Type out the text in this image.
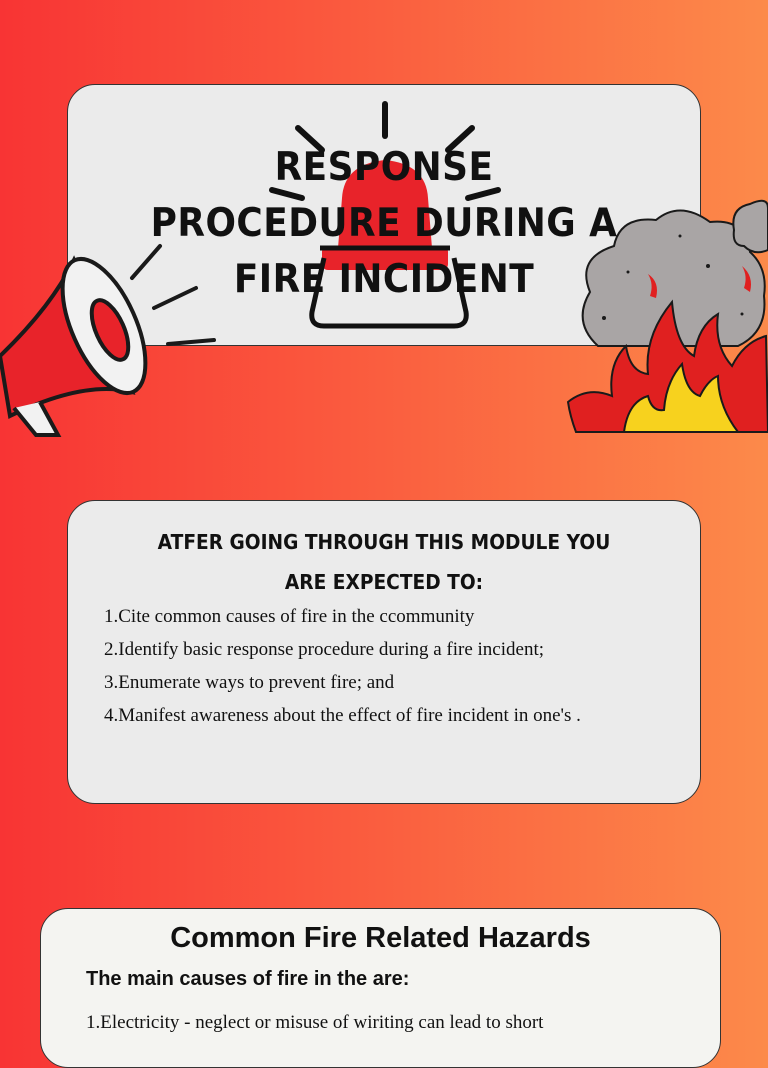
RESPONSE
PROCEDURE DURING A
FIRE INCIDENT
ATFER GOING THROUGH THIS MODULE YOU
ARE EXPECTED TO:
1.Cite common causes of fire in the ccommunity
2.Identify basic response procedure during a fire incident;
3.Enumerate ways to prevent fire; and
4.Manifest awareness about the effect of fire incident in one's .
Common Fire Related Hazards

The main causes of fire in the are:

1.Electricity - neglect or misuse of wiriting can lead to short
